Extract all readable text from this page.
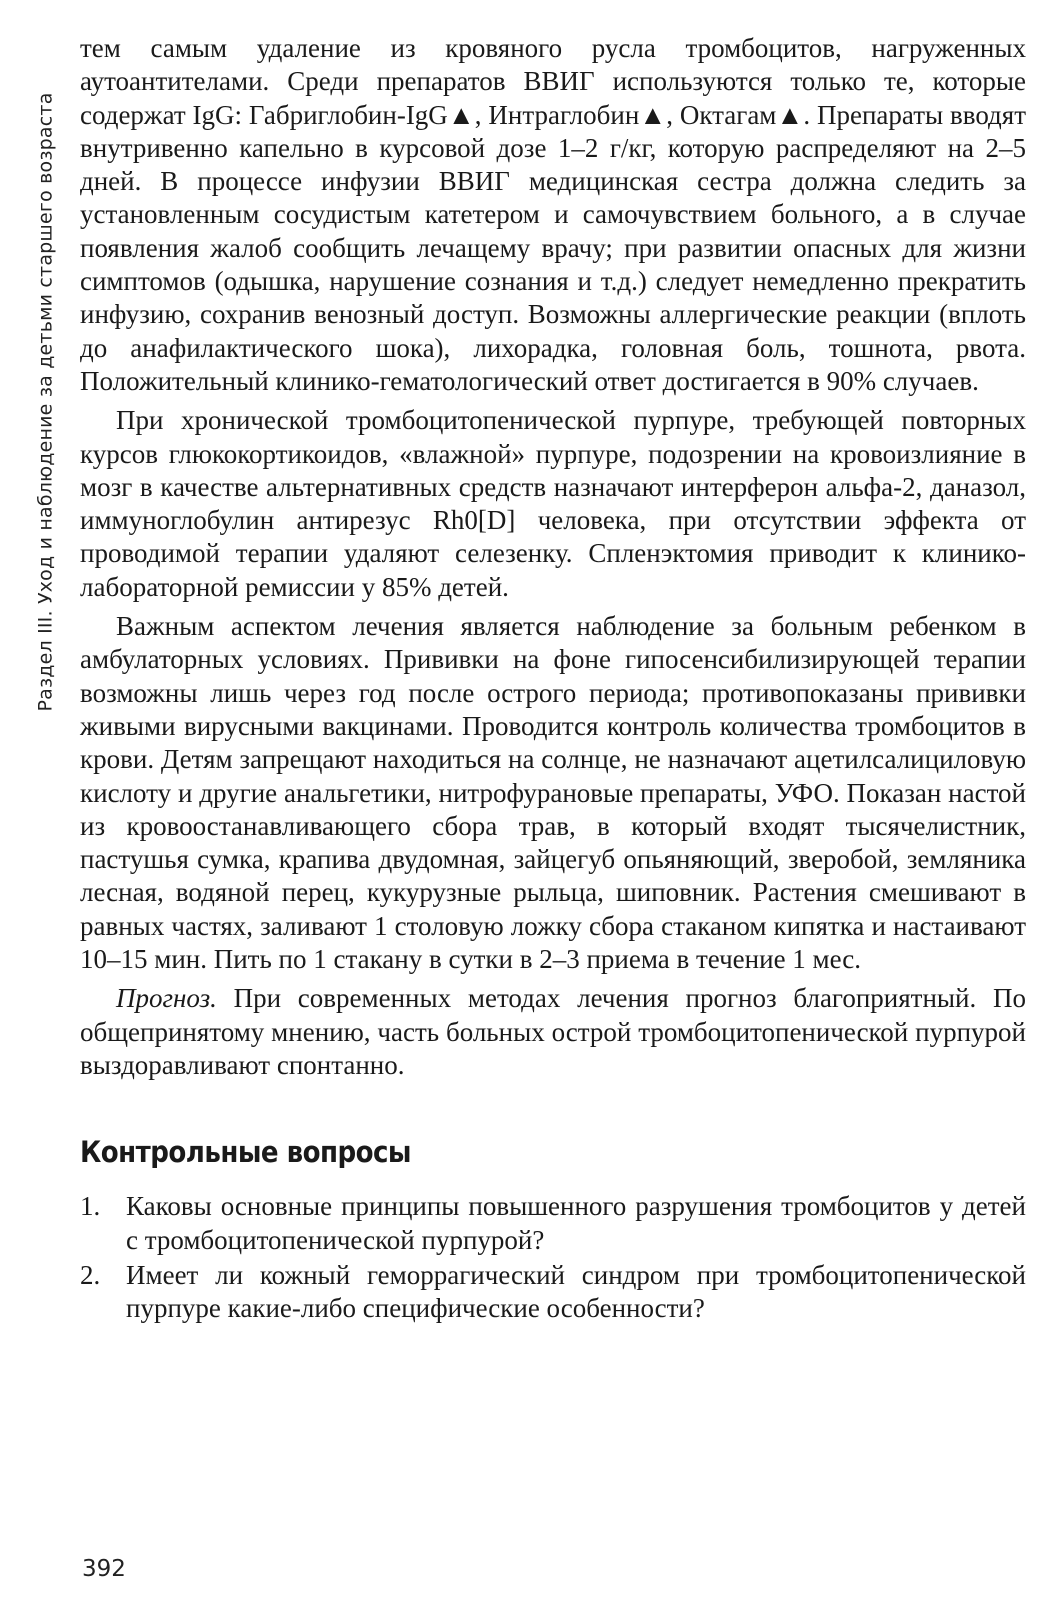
Раздел III. Уход и наблюдение за детьми старшего возраста

тем самым удаление из кровяного русла тромбоцитов, нагруженных аутоантителами. Среди препаратов ВВИГ используются только те, которые содержат IgG: Габриглобин-IgG▲, Интраглобин▲, Октагам▲. Препараты вводят внутривенно капельно в курсовой дозе 1–2 г/кг, которую распределяют на 2–5 дней. В процессе инфузии ВВИГ медицинская сестра должна следить за установленным сосудистым катетером и самочувствием больного, а в случае появления жалоб сообщить лечащему врачу; при развитии опасных для жизни симптомов (одышка, нарушение сознания и т.д.) следует немедленно прекратить инфузию, сохранив венозный доступ. Возможны аллергические реакции (вплоть до анафилактического шока), лихорадка, головная боль, тошнота, рвота. Положительный клинико-гематологический ответ достигается в 90% случаев.

При хронической тромбоцитопенической пурпуре, требующей повторных курсов глюкокортикоидов, «влажной» пурпуре, подозрении на кровоизлияние в мозг в качестве альтернативных средств назначают интерферон альфа-2, даназол, иммуноглобулин антирезус Rh0[D] человека, при отсутствии эффекта от проводимой терапии удаляют селезенку. Спленэктомия приводит к клинико-лабораторной ремиссии у 85% детей.

Важным аспектом лечения является наблюдение за больным ребенком в амбулаторных условиях. Прививки на фоне гипосенсибилизирующей терапии возможны лишь через год после острого периода; противопоказаны прививки живыми вирусными вакцинами. Проводится контроль количества тромбоцитов в крови. Детям запрещают находиться на солнце, не назначают ацетилсалициловую кислоту и другие анальгетики, нитрофурановые препараты, УФО. Показан настой из кровоостанавливающего сбора трав, в который входят тысячелистник, пастушья сумка, крапива двудомная, зайцегуб опьяняющий, зверобой, земляника лесная, водяной перец, кукурузные рыльца, шиповник. Растения смешивают в равных частях, заливают 1 столовую ложку сбора стаканом кипятка и настаивают 10–15 мин. Пить по 1 стакану в сутки в 2–3 приема в течение 1 мес.

Прогноз. При современных методах лечения прогноз благоприятный. По общепринятому мнению, часть больных острой тромбоцитопенической пурпурой выздоравливают спонтанно.

Контрольные вопросы
1. Каковы основные принципы повышенного разрушения тромбоцитов у детей с тромбоцитопенической пурпурой?
2. Имеет ли кожный геморрагический синдром при тромбоцитопенической пурпуре какие-либо специфические особенности?
392
